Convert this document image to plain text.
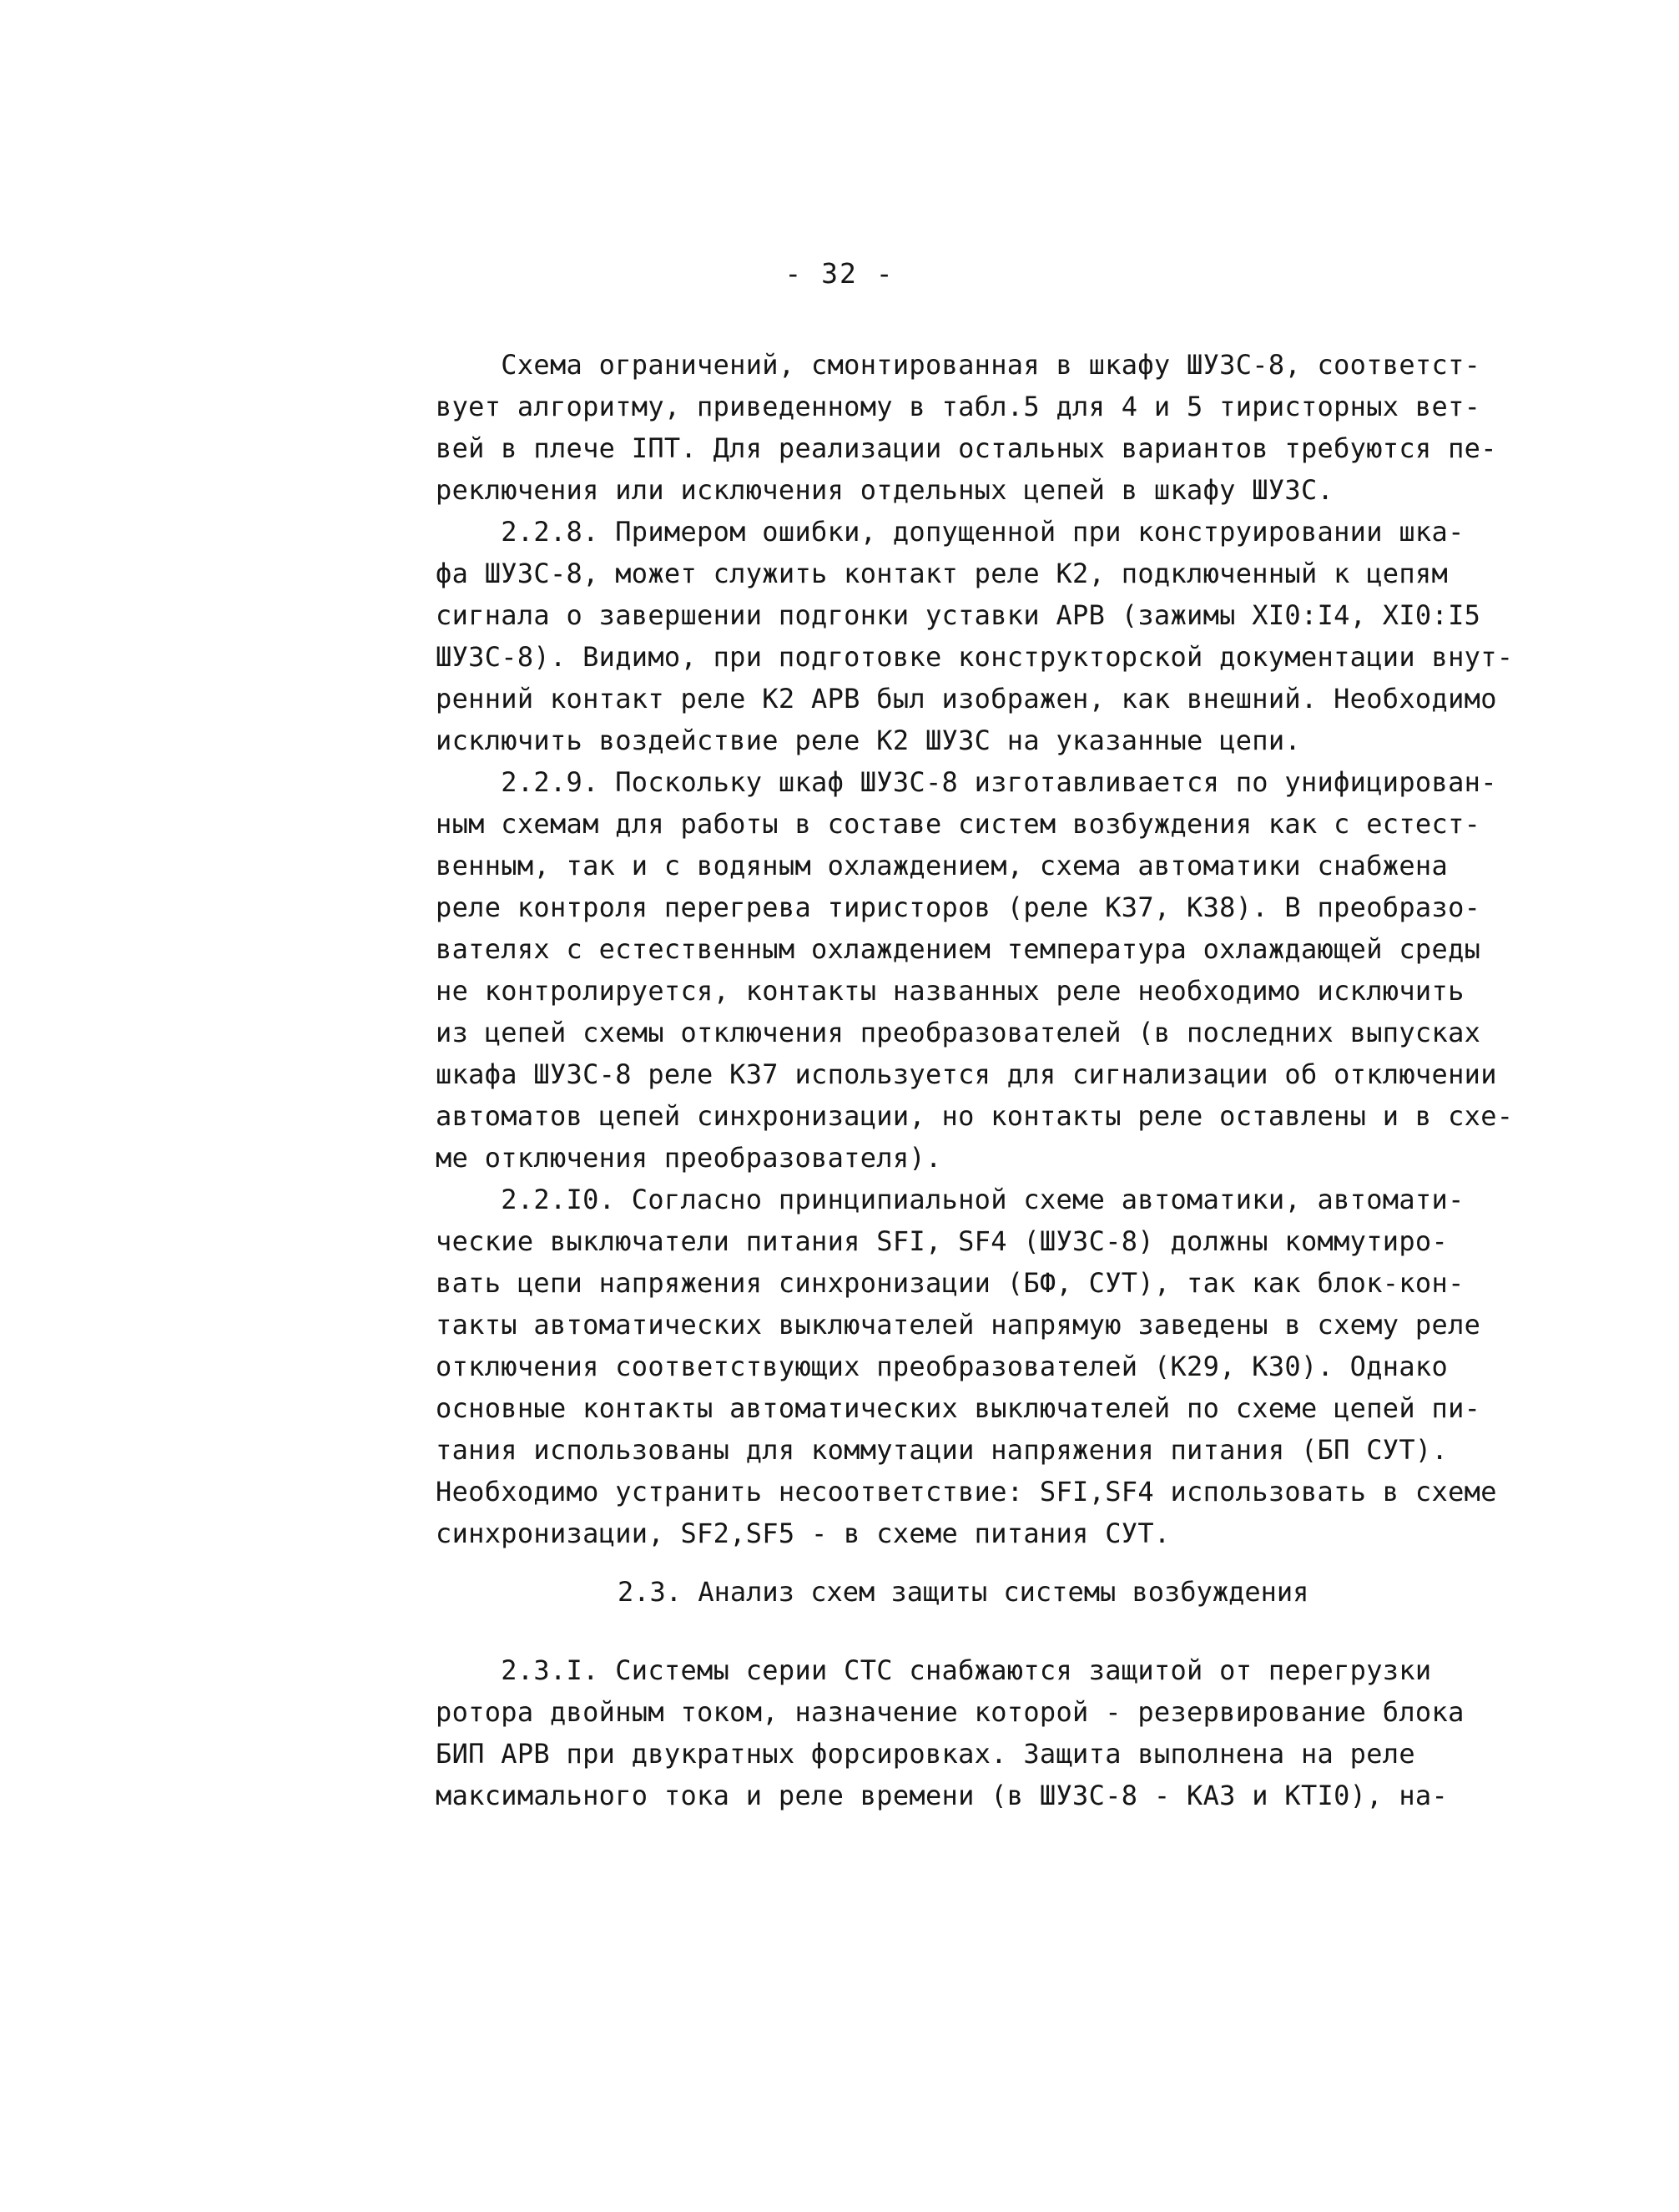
- 32 -
Схема ограничений, смонтированная в шкафу ШУЗС-8, соответст-
вует алгоритму, приведенному в табл.5 для 4 и 5 тиристорных вет-
вей в плече IПТ. Для реализации остальных вариантов требуются пе-
реключения или исключения отдельных цепей в шкафу ШУЗС.
2.2.8. Примером ошибки, допущенной при конструировании шка-
фа ШУЗС-8, может служить контакт реле К2, подключенный к цепям
сигнала о завершении подгонки уставки АРВ (зажимы XI0:I4, XI0:I5
ШУЗС-8). Видимо, при подготовке конструкторской документации внут-
ренний контакт реле К2 АРВ был изображен, как внешний. Необходимо
исключить воздействие реле К2 ШУЗС на указанные цепи.
2.2.9. Поскольку шкаф ШУЗС-8 изготавливается по унифицирован-
ным схемам для работы в составе систем возбуждения как с естест-
венным, так и с водяным охлаждением, схема автоматики снабжена
реле контроля перегрева тиристоров (реле К37, К38). В преобразо-
вателях с естественным охлаждением температура охлаждающей среды
не контролируется, контакты названных реле необходимо исключить
из цепей схемы отключения преобразователей (в последних выпусках
шкафа ШУЗС-8 реле К37 используется для сигнализации об отключении
автоматов цепей синхронизации, но контакты реле оставлены и в схе-
ме отключения преобразователя).
2.2.I0. Согласно принципиальной схеме автоматики, автомати-
ческие выключатели питания SFI, SF4 (ШУЗС-8) должны коммутиро-
вать цепи напряжения синхронизации (БФ, СУТ), так как блок-кон-
такты автоматических выключателей напрямую заведены в схему реле
отключения соответствующих преобразователей (К29, К30). Однако
основные контакты автоматических выключателей по схеме цепей пи-
тания использованы для коммутации напряжения питания (БП СУТ).
Необходимо устранить несоответствие: SFI,SF4 использовать в схеме
синхронизации, SF2,SF5 - в схеме питания СУТ.
2.3. Анализ схем защиты системы возбуждения
2.3.I. Системы серии СТС снабжаются защитой от перегрузки
ротора двойным током, назначение которой - резервирование блока
БИП АРВ при двукратных форсировках. Защита выполнена на реле
максимального тока и реле времени (в ШУЗС-8 - КА3 и КТI0), на-
